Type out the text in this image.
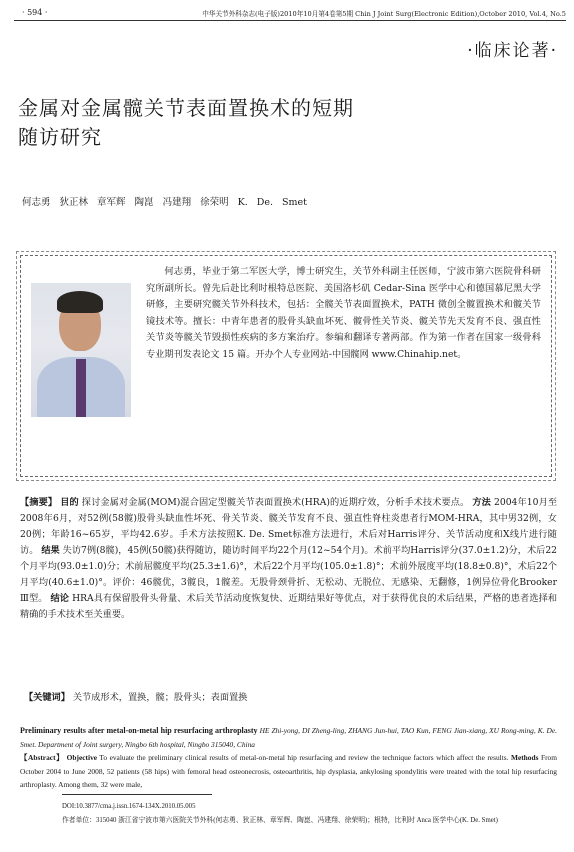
· 594 ·	中华关节外科杂志(电子版)2010年10月第4卷第5期 Chin J Joint Surg(Electronic Edition),October 2010, Vol.4, No.5
·临床论著·
金属对金属髋关节表面置换术的短期
随访研究
何志勇 狄正林 章军辉 陶崑 冯建翔 徐荣明 K. De. Smet
何志勇，毕业于第二军医大学，博士研究生，关节外科副主任医师，宁波市第六医院骨科研究所副所长。曾先后赴比利时根特总医院、美国洛杉矶 Cedar-Sina 医学中心和德国慕尼黑大学研修，主要研究髋关节外科技术，包括：全髋关节表面置换术，PATH 微创全髋置换术和髋关节镜技术等。擅长：中青年患者的股骨头缺血坏死、髋骨性关节炎、髋关节先天发育不良、强直性关节炎等髋关节毁损性疾病的多方案治疗。参编和翻译专著两部。作为第一作者在国家一级骨科专业期刊发表论文 15 篇。开办个人专业网站-中国髋网 www.Chinahip.net。
【摘要】 目的 探讨金属对金属(MOM)混合固定型髋关节表面置换术(HRA)的近期疗效，分析手术技术要点。 方法 2004年10月至2008年6月，对52例(58髋)股骨头缺血性坏死、骨关节炎、髋关节发育不良、强直性脊柱炎患者行MOM-HRA，其中男32例，女20例；年龄16~65岁，平均42.6岁。手术方法按照K. De. Smet标准方法进行，术后对Harris评分、关节活动度和X线片进行随访。 结果 失访7例(8髋)，45例(50髋)获得随访，随访时间平均22个月(12~54个月)。术前平均Harris评分(37.0±1.2)分，术后22个月平均(93.0±1.0)分；术前屈髋度平均(25.3±1.6)°，术后22个月平均(105.0±1.8)°；术前外展度平均(18.8±0.8)°，术后22个月平均(40.6±1.0)°。评价：46髋优，3髋良，1髋差。无股骨颈骨折、无松动、无脱位、无感染、无翻修，1例异位骨化Brooker Ⅲ型。 结论 HRA具有保留股骨头骨量、术后关节活动度恢复快、近期结果好等优点，对于获得优良的术后结果，严格的患者选择和精确的手术技术至关重要。
【关键词】 关节成形术，置换，髋；股骨头；表面置换
Preliminary results after metal-on-metal hip resurfacing arthroplasty HE Zhi-yong, DI Zheng-ling, ZHANG Jun-hui, TAO Kun, FENG Jian-xiang, XU Rong-ming, K. De. Smet. Department of Joint surgery, Ningbo 6th hospital, Ningbo 315040, China
【Abstract】 Objective To evaluate the preliminary clinical results of metal-on-metal hip resurfacing and review the technique factors which affect the results. Methods From October 2004 to June 2008, 52 patients (58 hips) with femoral head osteonecrosis, osteoarthritis, hip dysplasia, ankylosing spondylitis were treated with the total hip resurfacing arthroplasty. Among them, 32 were male,
DOI:10.3877/cma.j.issn.1674-134X.2010.05.005
作者单位：315040 浙江省宁波市第六医院关节外科(何志勇、狄正林、章军辉、陶崑、冯建翔、徐荣明)；根特，比利时 Anca 医学中心(K. De. Smet)
